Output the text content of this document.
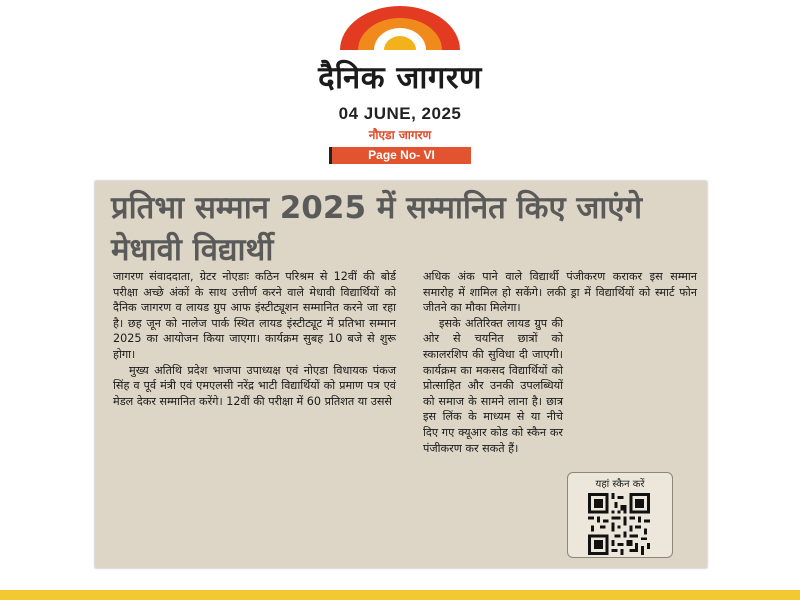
दैनिक जागरण
04 JUNE, 2025
नौएडा जागरण
Page No- VI
प्रतिभा सम्मान 2025 में सम्मानित किए जाएंगे मेधावी विद्यार्थी

जागरण संवाददाता, ग्रेटर नोएडाः कठिन परिश्रम से 12वीं की बोर्ड परीक्षा अच्छे अंकों के साथ उत्तीर्ण करने वाले मेधावी विद्यार्थियों को दैनिक जागरण व लायड ग्रुप आफ इंस्टीट्यूशन सम्मानित करने जा रहा है। छह जून को नालेज पार्क स्थित लायड इंस्टीट्यूट में प्रतिभा सम्मान 2025 का आयोजन किया जाएगा। कार्यक्रम सुबह 10 बजे से शुरू होगा।

मुख्य अतिथि प्रदेश भाजपा उपाध्यक्ष एवं नोएडा विधायक पंकज सिंह व पूर्व मंत्री एवं एमएलसी नरेंद्र भाटी विद्यार्थियों को प्रमाण पत्र एवं मेडल देकर सम्मानित करेंगे। 12वीं की परीक्षा में 60 प्रतिशत या उससे

अधिक अंक पाने वाले विद्यार्थी पंजीकरण कराकर इस सम्मान समारोह में शामिल हो सकेंगे। लकी ड्रा में विद्यार्थियों को स्मार्ट फोन जीतने का मौका मिलेगा।

इसके अतिरिक्त लायड ग्रुप की ओर से चयनित छात्रों को स्कालरशिप की सुविधा दी जाएगी। कार्यक्रम का मकसद विद्यार्थियों को प्रोत्साहित और उनकी उपलब्धियों को समाज के सामने लाना है। छात्र इस लिंक के माध्यम से या नीचे दिए गए क्यूआर कोड को स्कैन कर पंजीकरण कर सकते हैं।

यहां स्कैन करें
